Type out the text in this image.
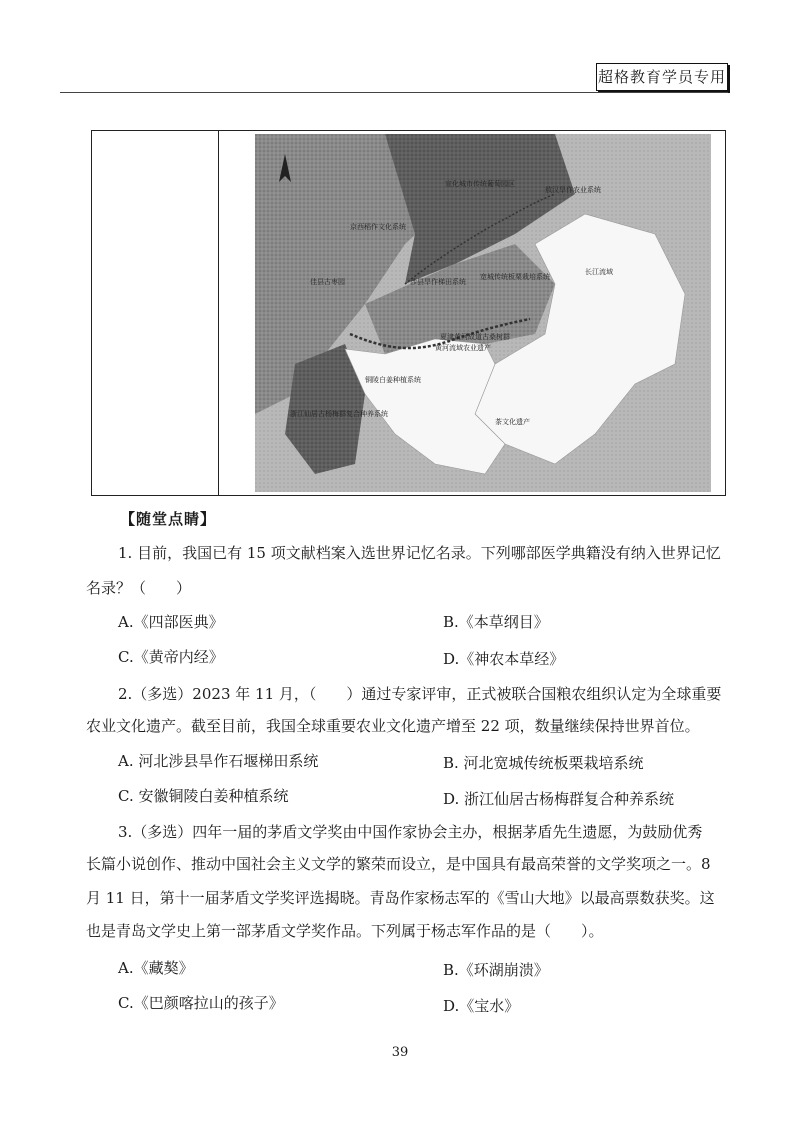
超格教育学员专用
宣化城市传统葡萄园区
敖汉旱作农业系统
京西稻作文化系统
佳县古枣园	涉县旱作梯田系统
宽城传统板栗栽培系统
夏津黄河故道古桑树群
黄河流域农业遗产
铜陵白姜种植系统
浙江仙居古杨梅群复合种养系统
茶文化遗产
长江流域
【随堂点睛】
1. 目前，我国已有 15 项文献档案入选世界记忆名录。下列哪部医学典籍没有纳入世界记忆
名录？（　　）
A.《四部医典》	B.《本草纲目》
C.《黄帝内经》	D.《神农本草经》
2.（多选）2023 年 11 月，（　　）通过专家评审，正式被联合国粮农组织认定为全球重要
农业文化遗产。截至目前，我国全球重要农业文化遗产增至 22 项，数量继续保持世界首位。
A. 河北涉县旱作石堰梯田系统	B. 河北宽城传统板栗栽培系统
C. 安徽铜陵白姜种植系统	D. 浙江仙居古杨梅群复合种养系统
3.（多选）四年一届的茅盾文学奖由中国作家协会主办，根据茅盾先生遗愿，为鼓励优秀
长篇小说创作、推动中国社会主义文学的繁荣而设立，是中国具有最高荣誉的文学奖项之一。8
月 11 日，第十一届茅盾文学奖评选揭晓。青岛作家杨志军的《雪山大地》以最高票数获奖。这
也是青岛文学史上第一部茅盾文学奖作品。下列属于杨志军作品的是（　　）。
A.《藏獒》	B.《环湖崩溃》
C.《巴颜喀拉山的孩子》	D.《宝水》
39
